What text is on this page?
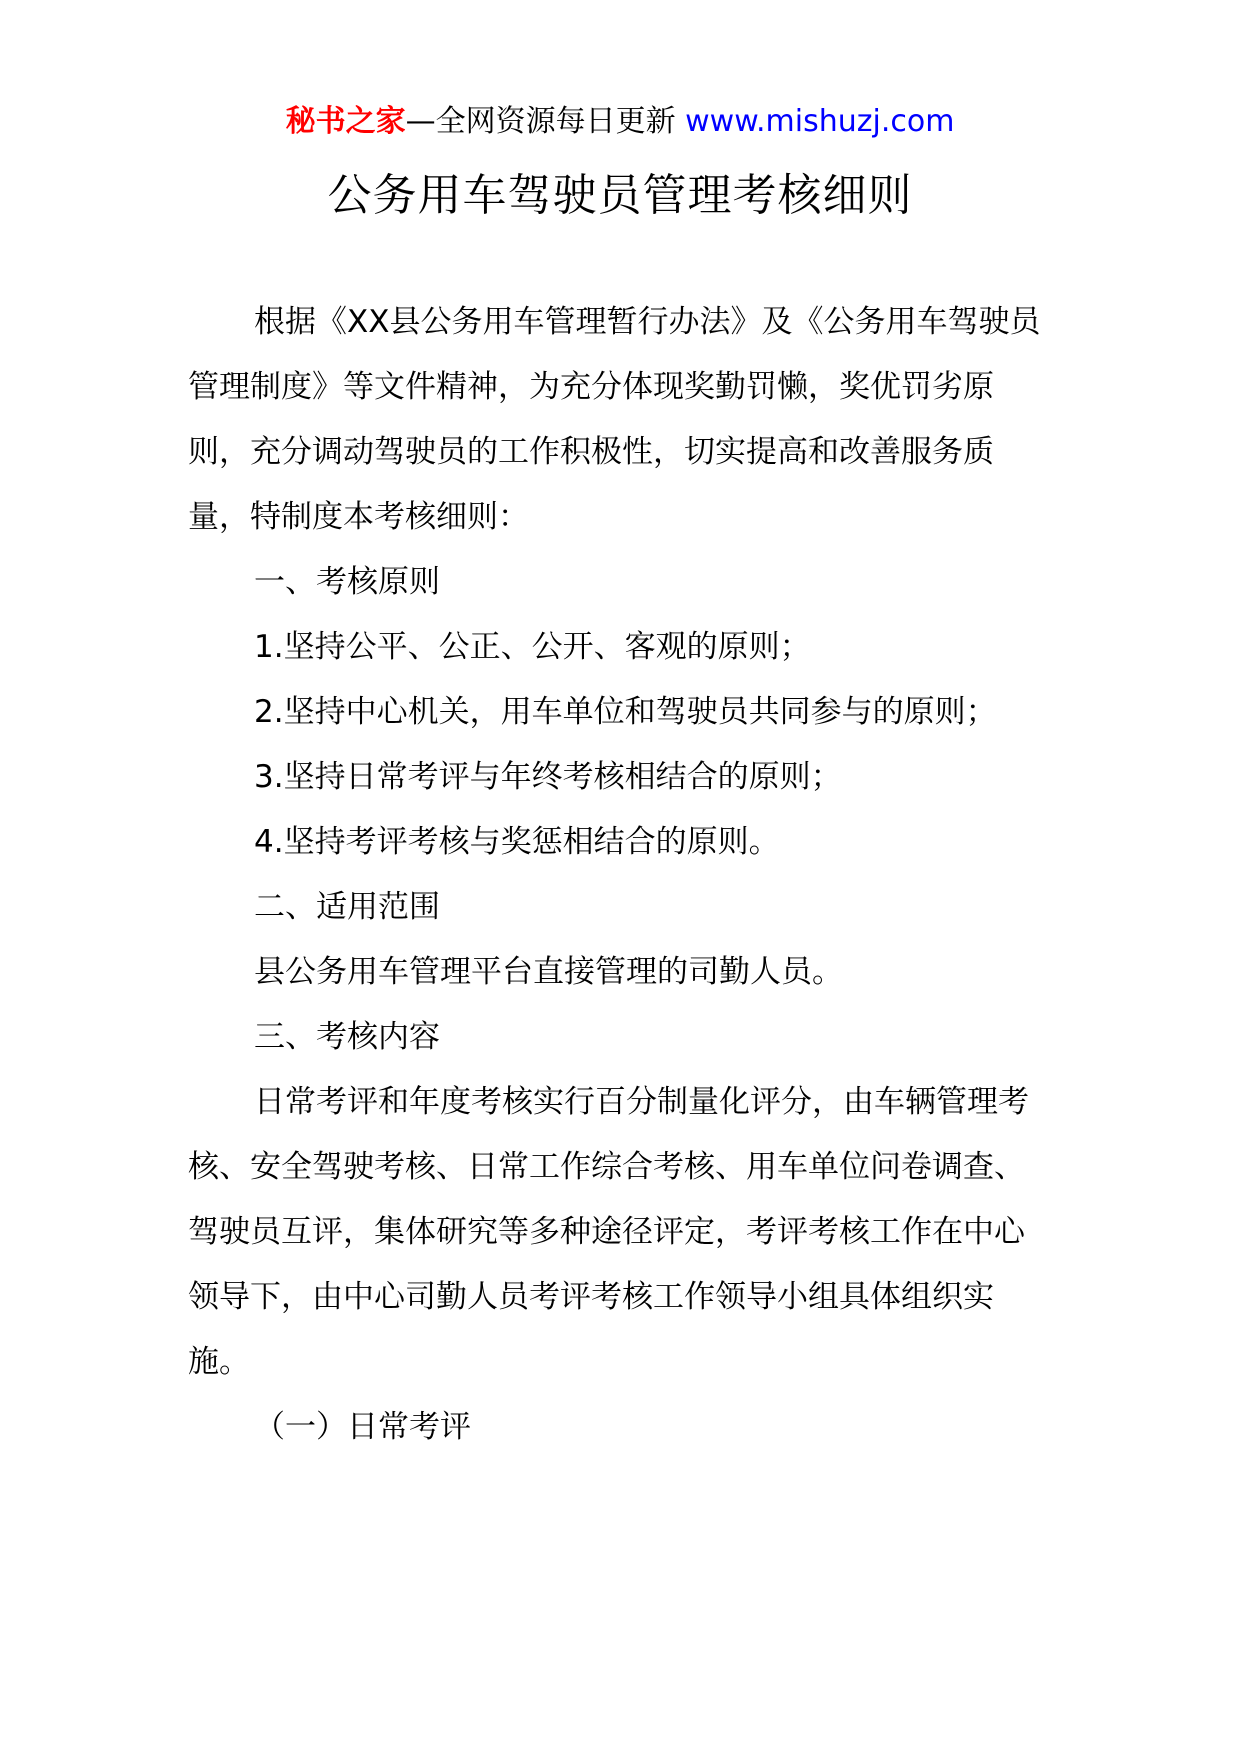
秘书之家—全网资源每日更新 www.mishuzj.com
公务用车驾驶员管理考核细则

根据《XX县公务用车管理暂行办法》及《公务用车驾驶员管理制度》等文件精神，为充分体现奖勤罚懒，奖优罚劣原则，充分调动驾驶员的工作积极性，切实提高和改善服务质量，特制度本考核细则：

一、考核原则

1.坚持公平、公正、公开、客观的原则；

2.坚持中心机关，用车单位和驾驶员共同参与的原则；

3.坚持日常考评与年终考核相结合的原则；

4.坚持考评考核与奖惩相结合的原则。

二、适用范围

县公务用车管理平台直接管理的司勤人员。

三、考核内容

日常考评和年度考核实行百分制量化评分，由车辆管理考核、安全驾驶考核、日常工作综合考核、用车单位问卷调查、驾驶员互评，集体研究等多种途径评定，考评考核工作在中心领导下，由中心司勤人员考评考核工作领导小组具体组织实施。

（一）日常考评
